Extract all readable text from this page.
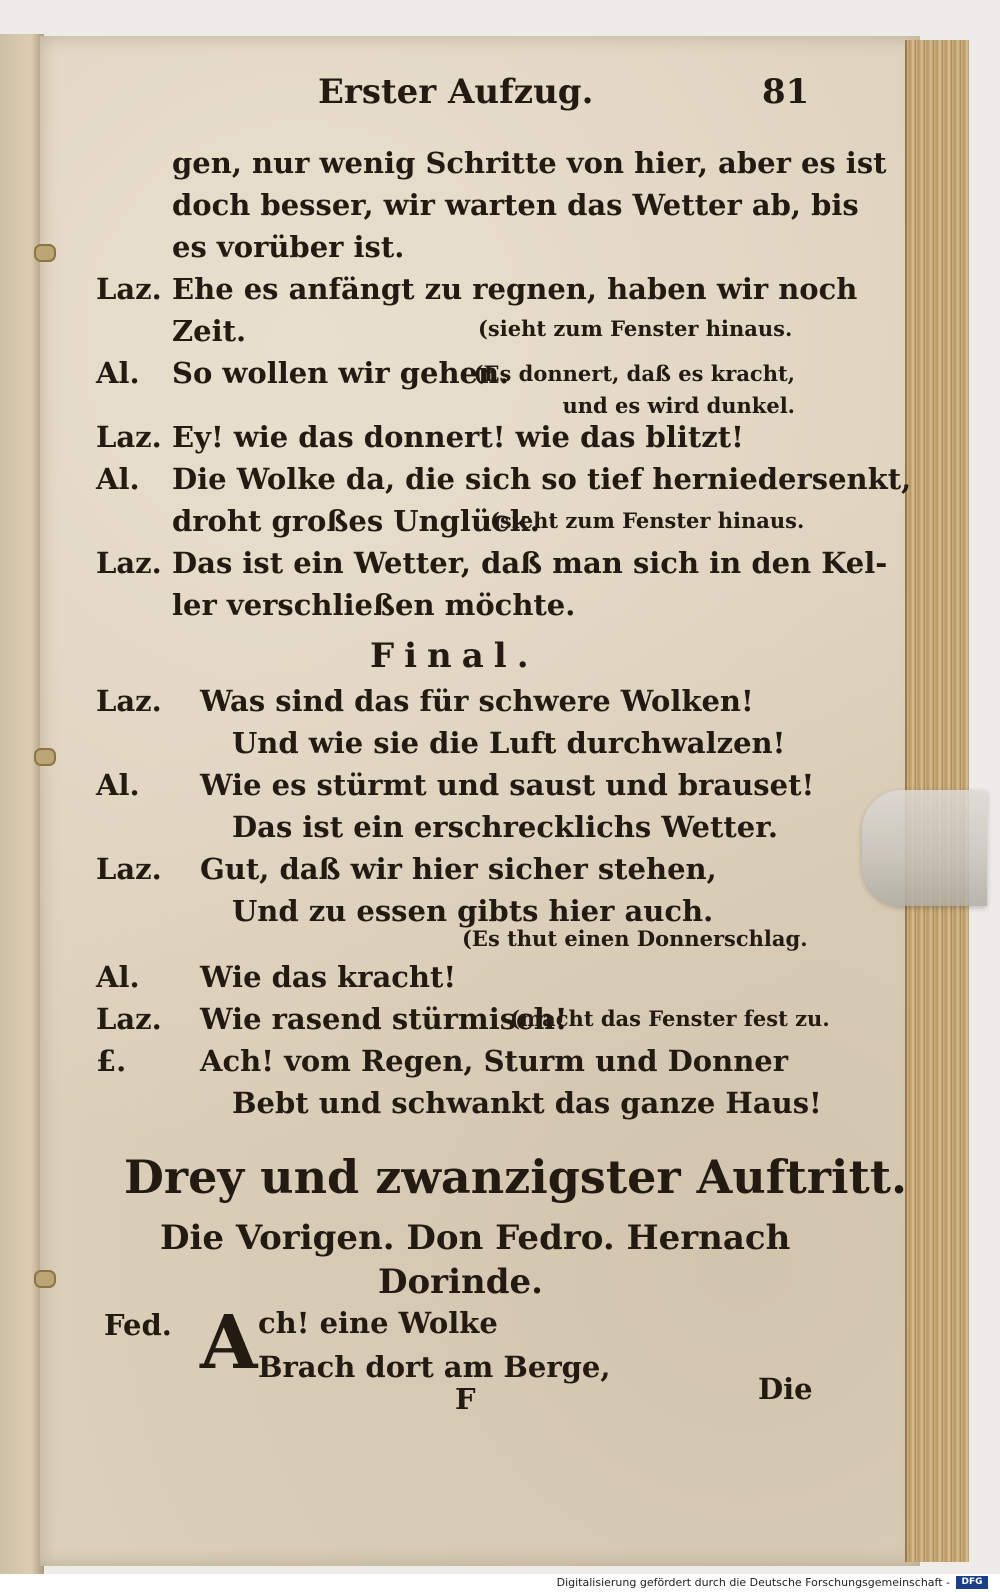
Erster Aufzug.	81
gen, nur wenig Schritte von hier, aber es ist
doch besser, wir warten das Wetter ab, bis
es vorüber ist.
Laz. Ehe es anfängt zu regnen, haben wir noch
Zeit.	(sieht zum Fenster hinaus.
Al. So wollen wir gehen.
(Es donnert, daß es kracht, und es wird dunkel.
Laz. Ey! wie das donnert! wie das blitzt!
Al. Die Wolke da, die sich so tief herniedersenkt,
droht großes Unglück.
(sieht zum Fenster hinaus.
Laz. Das ist ein Wetter, daß man sich in den Kel-
ler verschließen möchte.
Final.
Laz. Was sind das für schwere Wolken!
Und wie sie die Luft durchwalzen!
Al. Wie es stürmt und saust und brauset!
Das ist ein erschrecklichs Wetter.
Laz. Gut, daß wir hier sicher stehen,
Und zu essen gibts hier auch.
(Es thut einen Donnerschlag.
Al. Wie das kracht!
Laz. Wie rasend stürmisch!
(macht das Fenster fest zu.
£.	Ach! vom Regen, Sturm und Donner
Bebt und schwankt das ganze Haus!
Drey und zwanzigster Auftritt.
Die Vorigen. Don Fedro. Hernach
Dorinde.
Fed. A ch! eine Wolke
Brach dort am Berge,
F	Die
Digitalisierung gefördert durch die Deutsche Forschungsgemeinschaft -	DFG
